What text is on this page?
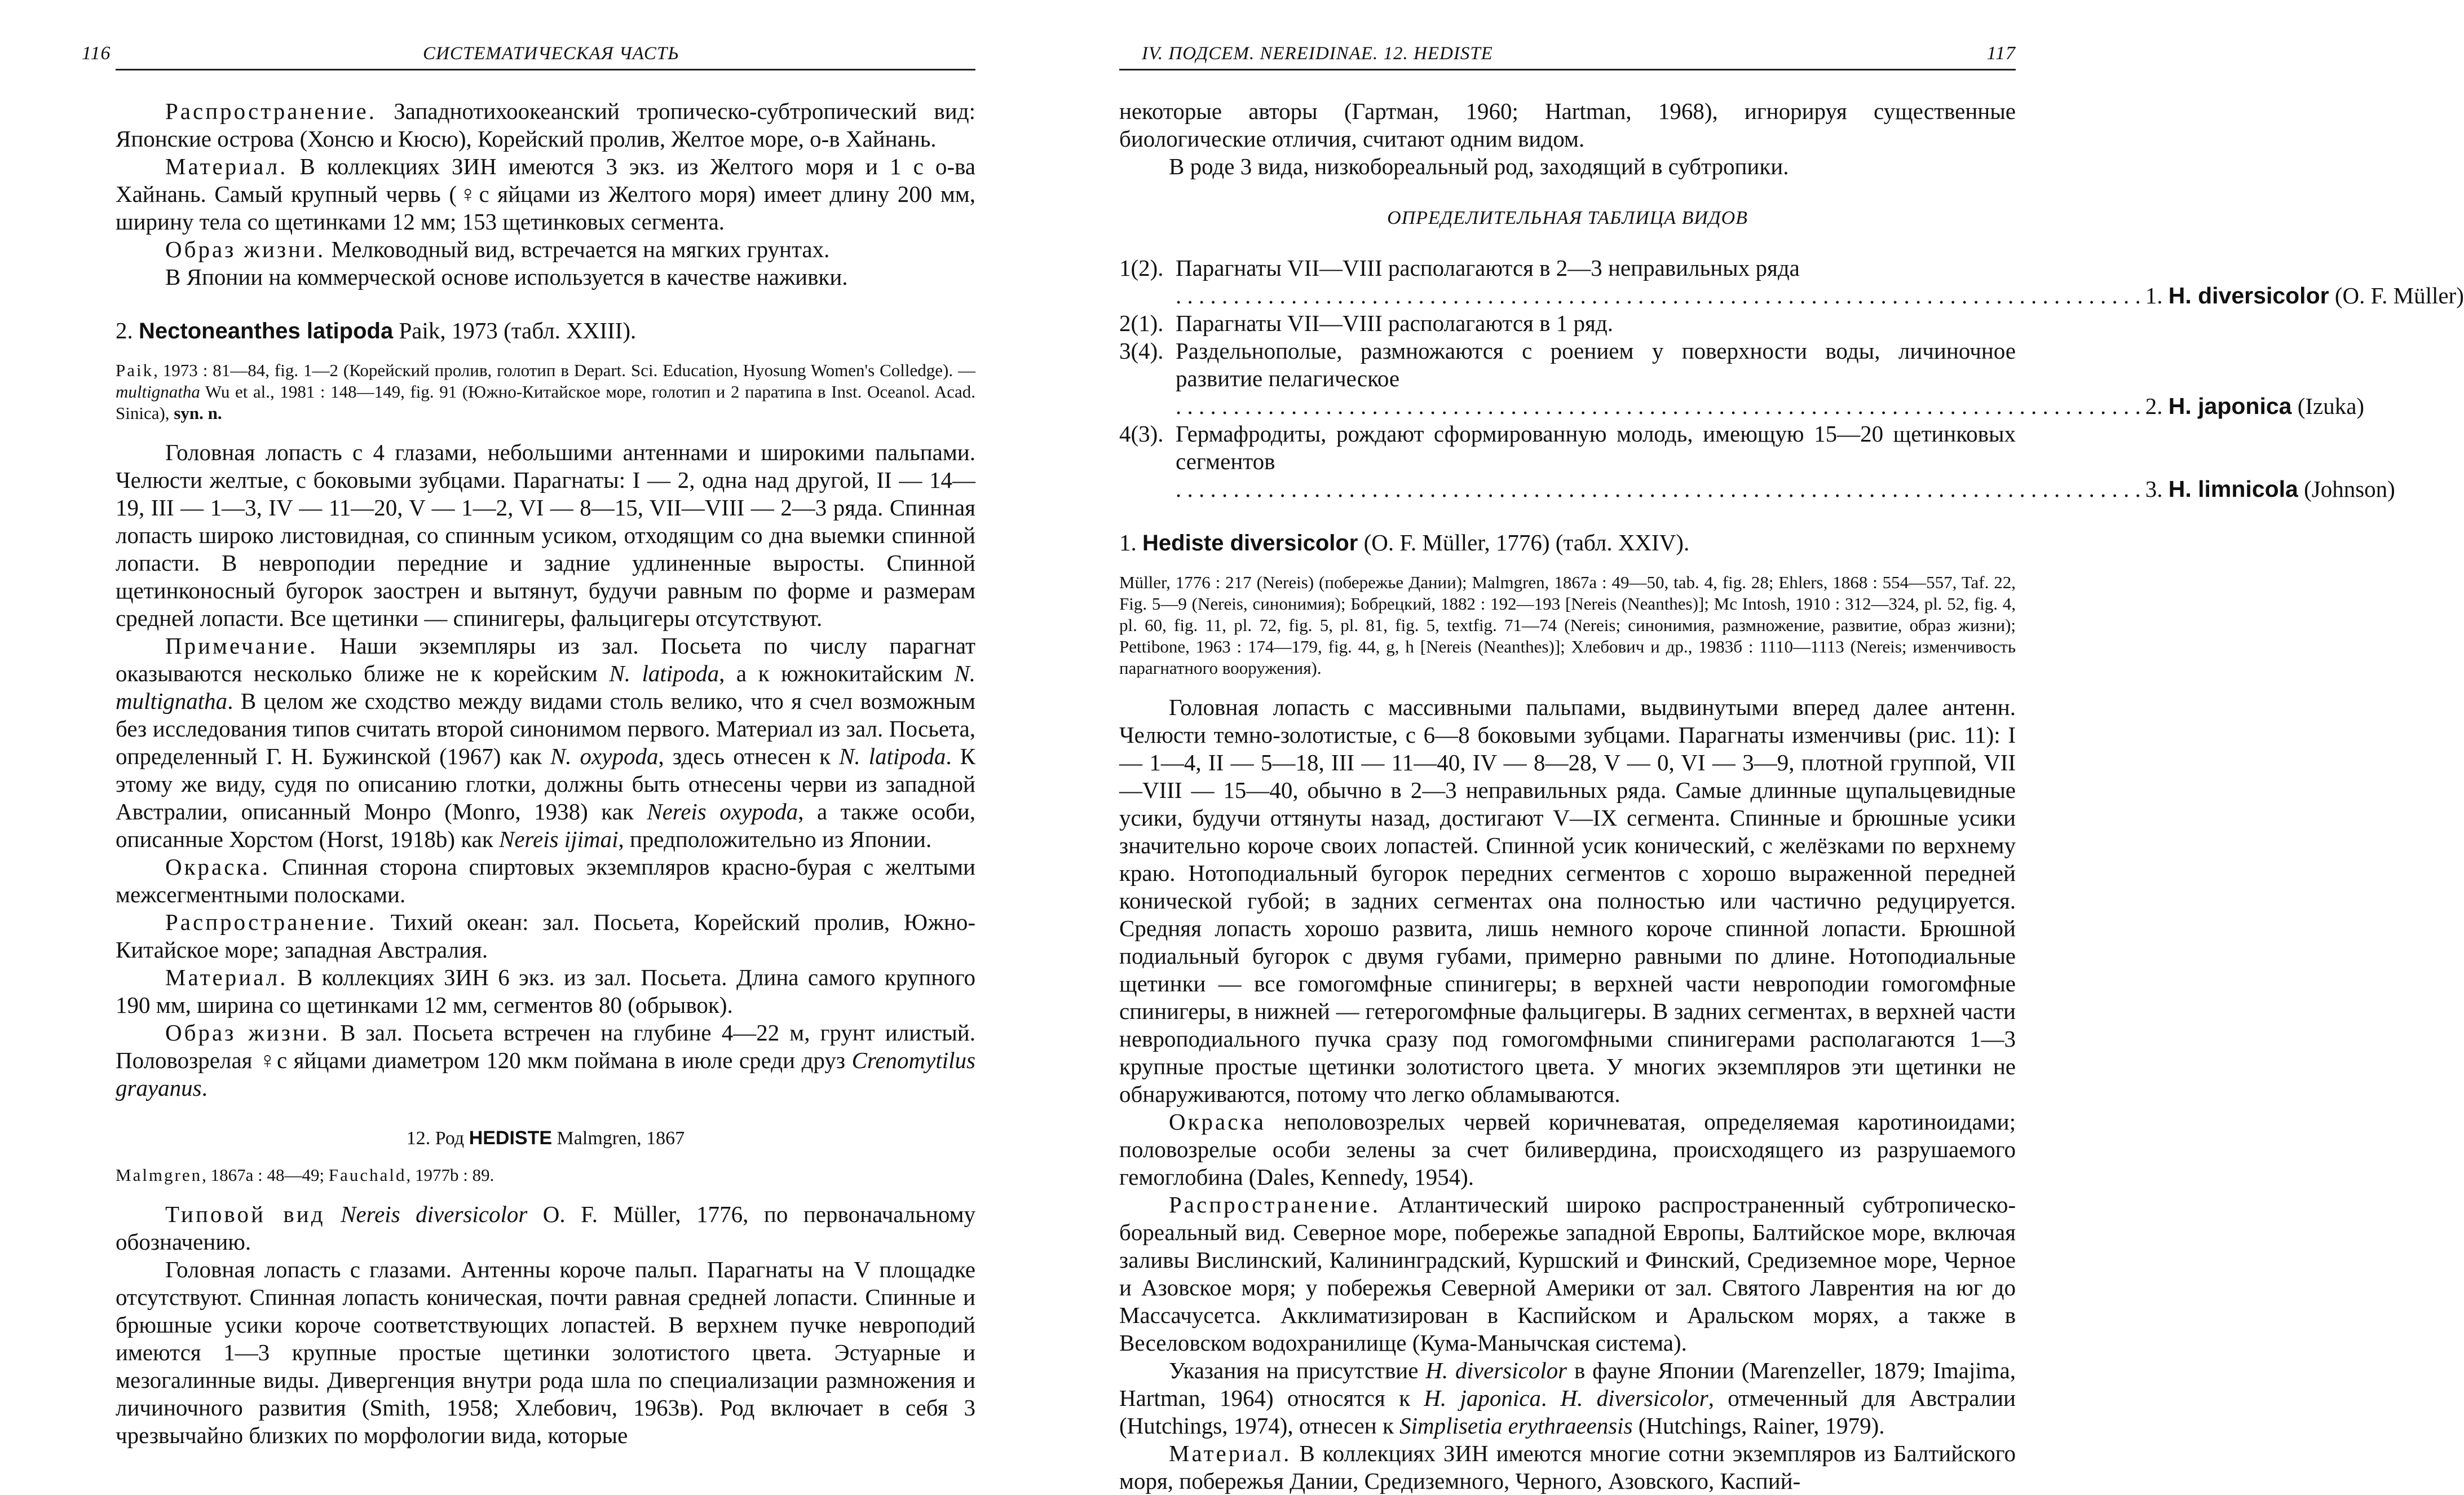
116	СИСТЕМАТИЧЕСКАЯ ЧАСТЬ

Распространение. Западнотихоокеанский тропическо-субтропический вид: Японские острова (Хонсю и Кюсю), Корейский пролив, Желтое море, о-в Хайнань.

Материал. В коллекциях ЗИН имеются 3 экз. из Желтого моря и 1 с о-ва Хайнань. Самый крупный червь (♀с яйцами из Желтого моря) имеет длину 200 мм, ширину тела со щетинками 12 мм; 153 щетинковых сегмента.

Образ жизни. Мелководный вид, встречается на мягких грунтах.

В Японии на коммерческой основе используется в качестве наживки.

2. Nectoneanthes latipoda Paik, 1973 (табл. XXIII).
Paik, 1973 : 81—84, fig. 1—2 (Корейский пролив, голотип в Depart. Sci. Education, Hyosung Women's Colledge). — multignatha Wu et al., 1981 : 148—149, fig. 91 (Южно-Китайское море, голотип и 2 паратипа в Inst. Oceanol. Acad. Sinica), syn. n.

Головная лопасть с 4 глазами, небольшими антеннами и широкими пальпами. Челюсти желтые, с боковыми зубцами. Парагнаты: I — 2, одна над другой, II — 14—19, III — 1—3, IV — 11—20, V — 1—2, VI — 8—15, VII—VIII — 2—3 ряда. Спинная лопасть широко листовидная, со спинным усиком, отходящим со дна выемки спинной лопасти. В невроподии передние и задние удлиненные выросты. Спинной щетинконосный бугорок заострен и вытянут, будучи равным по форме и размерам средней лопасти. Все щетинки — спинигеры, фальцигеры отсутствуют.

Примечание. Наши экземпляры из зал. Посьета по числу парагнат оказываются несколько ближе не к корейским N. latipoda, а к южнокитайским N. multignatha. В целом же сходство между видами столь велико, что я счел возможным без исследования типов считать второй синонимом первого. Материал из зал. Посьета, определенный Г. Н. Бужинской (1967) как N. oxypoda, здесь отнесен к N. latipoda. К этому же виду, судя по описанию глотки, должны быть отнесены черви из западной Австралии, описанный Монро (Monro, 1938) как Nereis oxypoda, а также особи, описанные Хорстом (Horst, 1918b) как Nereis ijimai, предположительно из Японии.

Окраска. Спинная сторона спиртовых экземпляров красно-бурая с желтыми межсегментными полосками.

Распространение. Тихий океан: зал. Посьета, Корейский пролив, Южно-Китайское море; западная Австралия.

Материал. В коллекциях ЗИН 6 экз. из зал. Посьета. Длина самого крупного 190 мм, ширина со щетинками 12 мм, сегментов 80 (обрывок).

Образ жизни. В зал. Посьета встречен на глубине 4—22 м, грунт илистый. Половозрелая ♀с яйцами диаметром 120 мкм поймана в июле среди друз Crenomytilus grayanus.

12. Род HEDISTE Malmgren, 1867
Malmgren, 1867a : 48—49; Fauchald, 1977b : 89.

Типовой вид Nereis diversicolor O. F. Müller, 1776, по первоначальному обозначению.

Головная лопасть с глазами. Антенны короче пальп. Парагнаты на V площадке отсутствуют. Спинная лопасть коническая, почти равная средней лопасти. Спинные и брюшные усики короче соответствующих лопастей. В верхнем пучке невроподий имеются 1—3 крупные простые щетинки золотистого цвета. Эстуарные и мезогалинные виды. Дивергенция внутри рода шла по специализации размножения и личиночного развития (Smith, 1958; Хлебович, 1963в). Род включает в себя 3 чрезвычайно близких по морфологии вида, которые

IV. ПОДСЕМ. NEREIDINAE. 12. HEDISTE	117

некоторые авторы (Гартман, 1960; Hartman, 1968), игнорируя существенные биологические отличия, считают одним видом.

В роде 3 вида, низкобореальный род, заходящий в субтропики.

ОПРЕДЕЛИТЕЛЬНАЯ ТАБЛИЦА ВИДОВ
1(2). Парагнаты VII—VIII располагаются в 2—3 неправильных ряда
. . . . . . . . . . . . . . . . . . . . . . . . . . . . . . . . . . . . . . . . . . . . . . . . . . . . . . . . . . . . . . . . . . . . . . . . . . . . . . . . . . . . 1. H. diversicolor (O. F. Müller)
2(1). Парагнаты VII—VIII располагаются в 1 ряд.
3(4). Раздельнополые, размножаются с роением у поверхности воды, личиночное развитие пелагическое
. . . . . . . . . . . . . . . . . . . . . . . . . . . . . . . . . . . . . . . . . . . . . . . . . . . . . . . . . . . . . . . . . . . . . . . . . . . . . . . . . . . . 2. H. japonica (Izuka)
4(3). Гермафродиты, рождают сформированную молодь, имеющую 15—20 щетинковых сегментов
. . . . . . . . . . . . . . . . . . . . . . . . . . . . . . . . . . . . . . . . . . . . . . . . . . . . . . . . . . . . . . . . . . . . . . . . . . . . . . . . . . . . 3. H. limnicola (Johnson)
1. Hediste diversicolor (O. F. Müller, 1776) (табл. XXIV).
Müller, 1776 : 217 (Nereis) (побережье Дании); Malmgren, 1867a : 49—50, tab. 4, fig. 28; Ehlers, 1868 : 554—557, Taf. 22, Fig. 5—9 (Nereis, синонимия); Бобрецкий, 1882 : 192—193 [Nereis (Neanthes)]; Mc Intosh, 1910 : 312—324, pl. 52, fig. 4, pl. 60, fig. 11, pl. 72, fig. 5, pl. 81, fig. 5, textfig. 71—74 (Nereis; синонимия, размножение, развитие, образ жизни); Pettibone, 1963 : 174—179, fig. 44, g, h [Nereis (Neanthes)]; Хлебович и др., 1983б : 1110—1113 (Nereis; изменчивость парагнатного вооружения).

Головная лопасть с массивными пальпами, выдвинутыми вперед далее антенн. Челюсти темно-золотистые, с 6—8 боковыми зубцами. Парагнаты изменчивы (рис. 11): I — 1—4, II — 5—18, III — 11—40, IV — 8—28, V — 0, VI — 3—9, плотной группой, VII—VIII — 15—40, обычно в 2—3 неправильных ряда. Самые длинные щупальцевидные усики, будучи оттянуты назад, достигают V—IX сегмента. Спинные и брюшные усики значительно короче своих лопастей. Спинной усик конический, с желёзками по верхнему краю. Нотоподиальный бугорок передних сегментов с хорошо выраженной передней конической губой; в задних сегментах она полностью или частично редуцируется. Средняя лопасть хорошо развита, лишь немного короче спинной лопасти. Брюшной подиальный бугорок с двумя губами, примерно равными по длине. Нотоподиальные щетинки — все гомогомфные спинигеры; в верхней части невроподии гомогомфные спинигеры, в нижней — гетерогомфные фальцигеры. В задних сегментах, в верхней части невроподиального пучка сразу под гомогомфными спинигерами располагаются 1—3 крупные простые щетинки золотистого цвета. У многих экземпляров эти щетинки не обнаруживаются, потому что легко обламываются.

Окраска неполовозрелых червей коричневатая, определяемая каротиноидами; половозрелые особи зелены за счет биливердина, происходящего из разрушаемого гемоглобина (Dales, Kennedy, 1954).

Распространение. Атлантический широко распространенный субтропическо-бореальный вид. Северное море, побережье западной Европы, Балтийское море, включая заливы Вислинский, Калининградский, Куршский и Финский, Средиземное море, Черное и Азовское моря; у побережья Северной Америки от зал. Святого Лаврентия на юг до Массачусетса. Акклиматизирован в Каспийском и Аральском морях, а также в Веселовском водохранилище (Кума-Манычская система).

Указания на присутствие H. diversicolor в фауне Японии (Marenzeller, 1879; Imajima, Hartman, 1964) относятся к H. japonica. H. diversicolor, отмеченный для Австралии (Hutchings, 1974), отнесен к Simplisetia erythraeensis (Hutchings, Rainer, 1979).

Материал. В коллекциях ЗИН имеются многие сотни экземпляров из Балтийского моря, побережья Дании, Средиземного, Черного, Азовского, Каспий-
